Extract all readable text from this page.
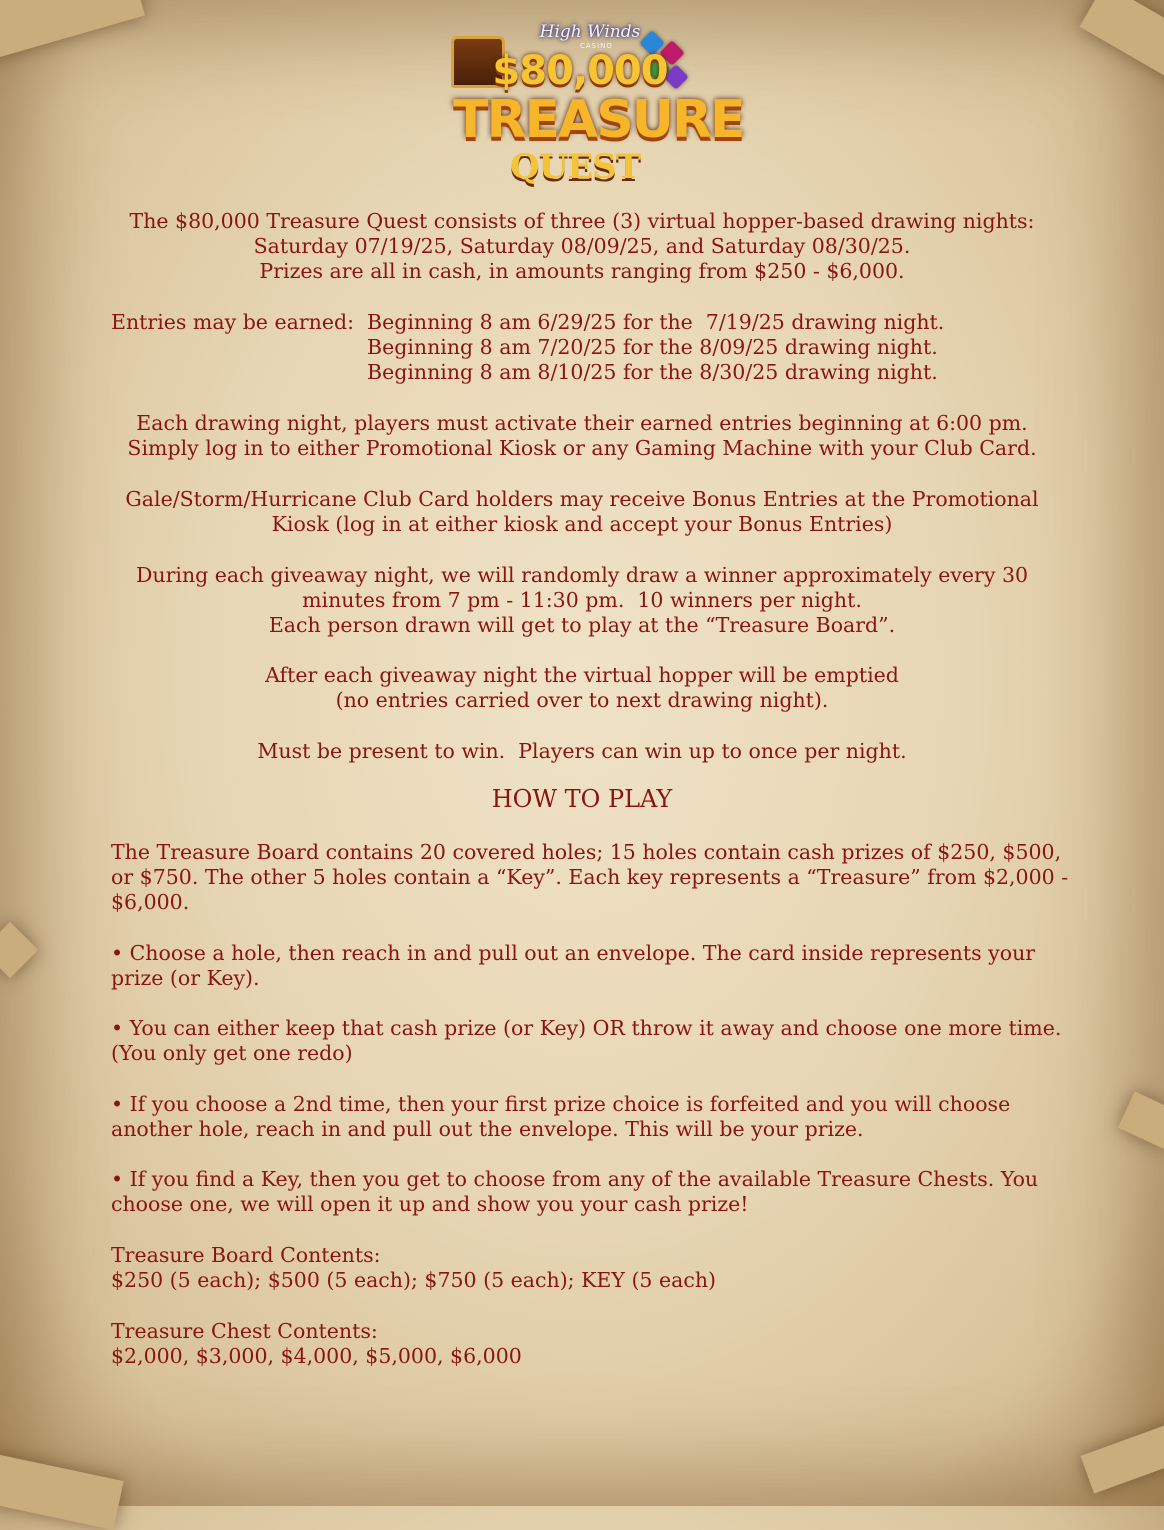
High Winds
CASINO
$80,000
TREASURE
QUEST
The $80,000 Treasure Quest consists of three (3) virtual hopper-based drawing nights:
Saturday 07/19/25, Saturday 08/09/25, and Saturday 08/30/25.
Prizes are all in cash, in amounts ranging from $250 - $6,000.
Entries may be earned: Beginning 8 am 6/29/25 for the  7/19/25 drawing night.
Beginning 8 am 7/20/25 for the 8/09/25 drawing night.
Beginning 8 am 8/10/25 for the 8/30/25 drawing night.
Each drawing night, players must activate their earned entries beginning at 6:00 pm.
Simply log in to either Promotional Kiosk or any Gaming Machine with your Club Card.
Gale/Storm/Hurricane Club Card holders may receive Bonus Entries at the Promotional
Kiosk (log in at either kiosk and accept your Bonus Entries)
During each giveaway night, we will randomly draw a winner approximately every 30
minutes from 7 pm - 11:30 pm.  10 winners per night.
Each person drawn will get to play at the “Treasure Board”.
After each giveaway night the virtual hopper will be emptied
(no entries carried over to next drawing night).
Must be present to win.  Players can win up to once per night.
HOW TO PLAY
The Treasure Board contains 20 covered holes; 15 holes contain cash prizes of $250, $500, or $750. The other 5 holes contain a “Key”. Each key represents a “Treasure” from $2,000 - $6,000.
• Choose a hole, then reach in and pull out an envelope. The card inside represents your prize (or Key).
• You can either keep that cash prize (or Key) OR throw it away and choose one more time. (You only get one redo)
• If you choose a 2nd time, then your first prize choice is forfeited and you will choose another hole, reach in and pull out the envelope. This will be your prize.
• If you find a Key, then you get to choose from any of the available Treasure Chests. You choose one, we will open it up and show you your cash prize!
Treasure Board Contents:
$250 (5 each); $500 (5 each); $750 (5 each); KEY (5 each)
Treasure Chest Contents:
$2,000, $3,000, $4,000, $5,000, $6,000
